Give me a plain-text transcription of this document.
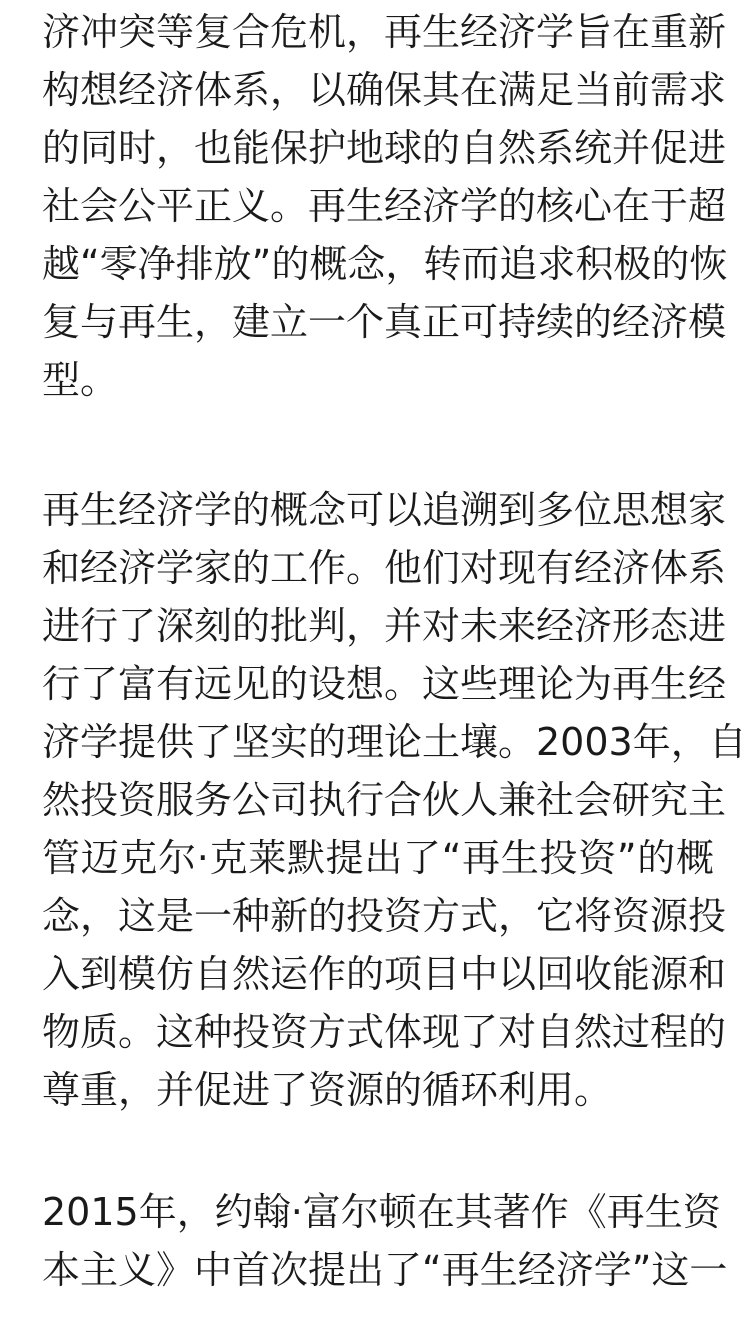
济冲突等复合危机，再生经济学旨在重新
构想经济体系，以确保其在满足当前需求
的同时，也能保护地球的自然系统并促进
社会公平正义。再生经济学的核心在于超
越“零净排放”的概念，转而追求积极的恢
复与再生，建立一个真正可持续的经济模
型。
再生经济学的概念可以追溯到多位思想家
和经济学家的工作。他们对现有经济体系
进行了深刻的批判，并对未来经济形态进
行了富有远见的设想。这些理论为再生经
济学提供了坚实的理论土壤。2003年，自
然投资服务公司执行合伙人兼社会研究主
管迈克尔·克莱默提出了“再生投资”的概
念，这是一种新的投资方式，它将资源投
入到模仿自然运作的项目中以回收能源和
物质。这种投资方式体现了对自然过程的
尊重，并促进了资源的循环利用。
2015年，约翰·富尔顿在其著作《再生资
本主义》中首次提出了“再生经济学”这一
